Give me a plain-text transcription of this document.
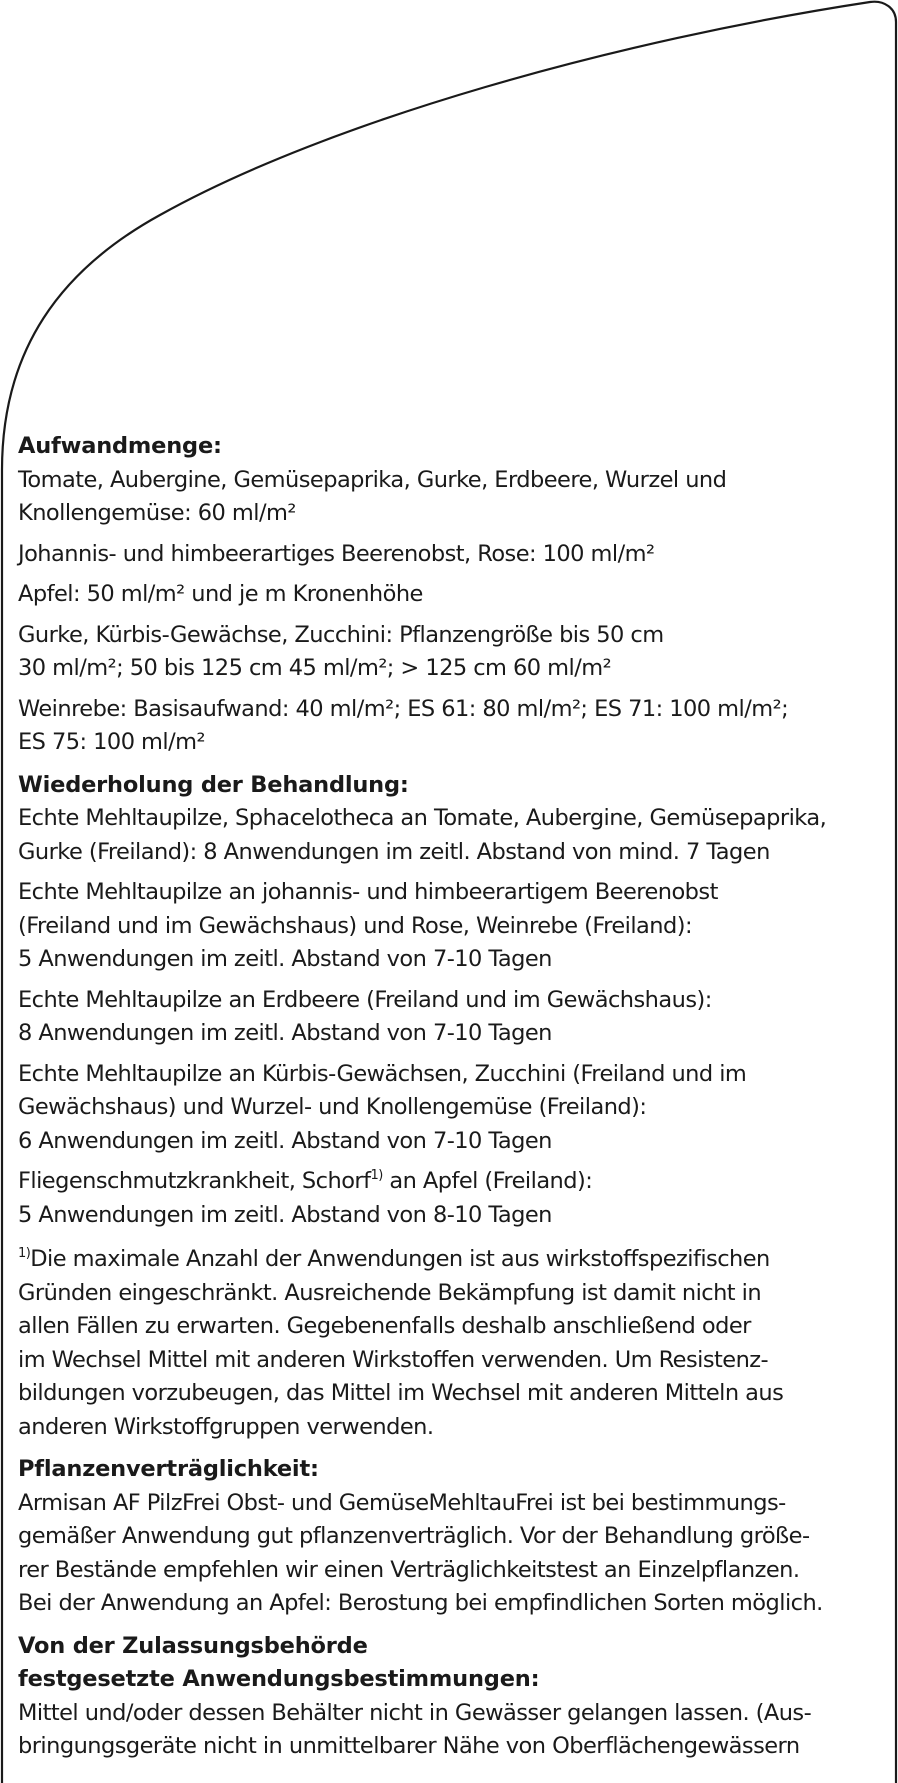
Aufwandmenge:
Tomate, Aubergine, Gemüsepaprika, Gurke, Erdbeere, Wurzel und
Knollengemüse: 60 ml/m²
Johannis- und himbeerartiges Beerenobst, Rose: 100 ml/m²
Apfel: 50 ml/m² und je m Kronenhöhe
Gurke, Kürbis-Gewächse, Zucchini: Pflanzengröße bis 50 cm
30 ml/m²; 50 bis 125 cm 45 ml/m²; > 125 cm 60 ml/m²
Weinrebe: Basisaufwand: 40 ml/m²; ES 61: 80 ml/m²; ES 71: 100 ml/m²;
ES 75: 100 ml/m²
Wiederholung der Behandlung:
Echte Mehltaupilze, Sphacelotheca an Tomate, Aubergine, Gemüsepaprika,
Gurke (Freiland): 8 Anwendungen im zeitl. Abstand von mind. 7 Tagen
Echte Mehltaupilze an johannis- und himbeerartigem Beerenobst
(Freiland und im Gewächshaus) und Rose, Weinrebe (Freiland):
5 Anwendungen im zeitl. Abstand von 7-10 Tagen
Echte Mehltaupilze an Erdbeere (Freiland und im Gewächshaus):
8 Anwendungen im zeitl. Abstand von 7-10 Tagen
Echte Mehltaupilze an Kürbis-Gewächsen, Zucchini (Freiland und im
Gewächshaus) und Wurzel- und Knollengemüse (Freiland):
6 Anwendungen im zeitl. Abstand von 7-10 Tagen
Fliegenschmutzkrankheit, Schorf$^{1)}$ an Apfel (Freiland):
5 Anwendungen im zeitl. Abstand von 8-10 Tagen
$^{1)}$Die maximale Anzahl der Anwendungen ist aus wirkstoffspezifischen
Gründen eingeschränkt. Ausreichende Bekämpfung ist damit nicht in
allen Fällen zu erwarten. Gegebenenfalls deshalb anschließend oder
im Wechsel Mittel mit anderen Wirkstoffen verwenden. Um Resistenz-
bildungen vorzubeugen, das Mittel im Wechsel mit anderen Mitteln aus
anderen Wirkstoffgruppen verwenden.
Pflanzenverträglichkeit:
Armisan AF PilzFrei Obst- und GemüseMehltauFrei ist bei bestimmungs-
gemäßer Anwendung gut pflanzenverträglich. Vor der Behandlung größe-
rer Bestände empfehlen wir einen Verträglichkeitstest an Einzelpflanzen.
Bei der Anwendung an Apfel: Berostung bei empfindlichen Sorten möglich.
Von der Zulassungsbehörde
festgesetzte Anwendungsbestimmungen:
Mittel und/oder dessen Behälter nicht in Gewässer gelangen lassen. (Aus-
bringungsgeräte nicht in unmittelbarer Nähe von Oberflächengewässern
